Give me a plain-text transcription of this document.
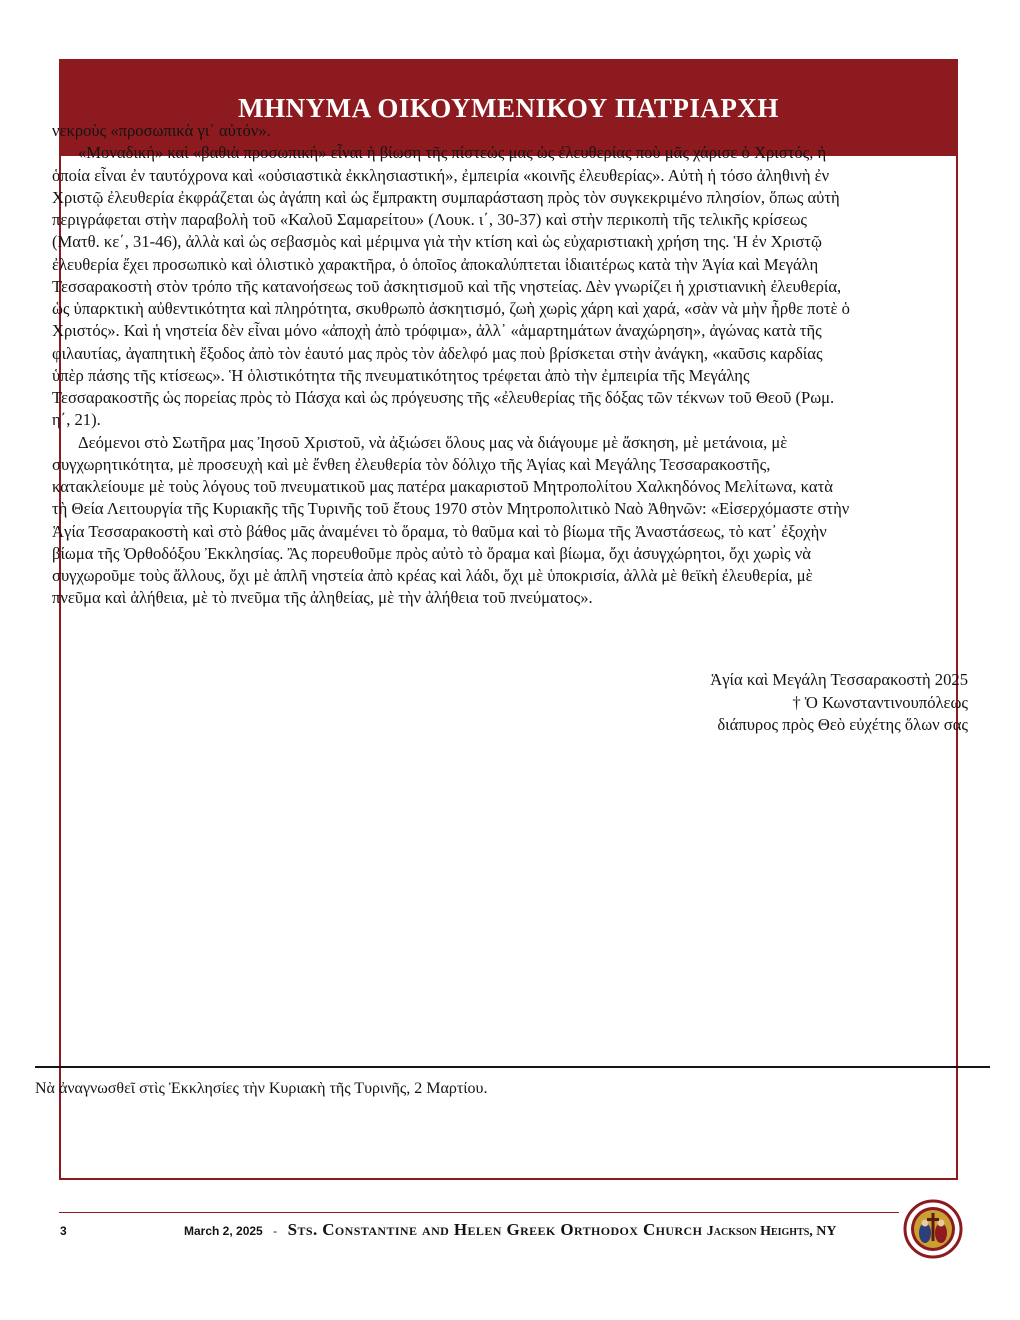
ΜΗΝΥΜΑ ΟΙΚΟΥΜΕΝΙΚΟΥ ΠΑΤΡΙΑΡΧΗ

νεκροὺς «προσωπικὰ γι᾽ αὐτόν».

«Μοναδική» καὶ «βαθιὰ προσωπική» εἶναι ἡ βίωση τῆς πίστεώς μας ὡς ἐλευθερίας ποὺ μᾶς χάρισε ὁ Χριστός, ἡ ὁποία εἶναι ἐν ταυτόχρονα καὶ «οὐσιαστικὰ ἐκκλησιαστική», ἐμπειρία «κοινῆς ἐλευθερίας». Αὐτὴ ἡ τόσο ἀληθινὴ ἐν Χριστῷ ἐλευθερία ἐκφράζεται ὡς ἀγάπη καὶ ὡς ἔμπρακτη συμπαράσταση πρὸς τὸν συγκεκριμένο πλησίον, ὅπως αὐτὴ περιγράφεται στὴν παραβολὴ τοῦ «Καλοῦ Σαμαρείτου» (Λουκ. ι΄, 30-37) καὶ στὴν περικοπὴ τῆς τελικῆς κρίσεως (Ματθ. κε΄, 31-46), ἀλλὰ καὶ ὡς σεβασμὸς καὶ μέριμνα γιὰ τὴν κτίση καὶ ὡς εὐχαριστιακὴ χρήση της. Ἡ ἐν Χριστῷ ἐλευθερία ἔχει προσωπικὸ καὶ ὁλιστικὸ χαρακτῆρα, ὁ ὁποῖος ἀποκαλύπτεται ἰδιαιτέρως κατὰ τὴν Ἁγία καὶ Μεγάλη Τεσσαρακοστὴ στὸν τρόπο τῆς κατανοήσεως τοῦ ἀσκητισμοῦ καὶ τῆς νηστείας. Δὲν γνωρίζει ἡ χριστιανικὴ ἐλευθερία, ὡς ὑπαρκτικὴ αὐθεντικότητα καὶ πληρότητα, σκυθρωπὸ ἀσκητισμό, ζωὴ χωρὶς χάρη καὶ χαρά, «σὰν νὰ μὴν ἦρθε ποτὲ ὁ Χριστός». Καὶ ἡ νηστεία δὲν εἶναι μόνο «ἀποχὴ ἀπὸ τρόφιμα», ἀλλ᾽ «ἁμαρτημάτων ἀναχώρηση», ἀγώνας κατὰ τῆς φιλαυτίας, ἀγαπητικὴ ἔξοδος ἀπὸ τὸν ἑαυτό μας πρὸς τὸν ἀδελφό μας ποὺ βρίσκεται στὴν ἀνάγκη, «καῦσις καρδίας ὑπὲρ πάσης τῆς κτίσεως». Ἡ ὁλιστικότητα τῆς πνευματικότητος τρέφεται ἀπὸ τὴν ἐμπειρία τῆς Μεγάλης Τεσσαρακοστῆς ὡς πορείας πρὸς τὸ Πάσχα καὶ ὡς πρόγευσης τῆς «ἐλευθερίας τῆς δόξας τῶν τέκνων τοῦ Θεοῦ (Ρωμ. η΄, 21).

Δεόμενοι στὸ Σωτῆρα μας Ἰησοῦ Χριστοῦ, νὰ ἀξιώσει ὅλους μας νὰ διάγουμε μὲ ἄσκηση, μὲ μετάνοια, μὲ συγχωρητικότητα, μὲ προσευχὴ καὶ μὲ ἔνθεη ἐλευθερία τὸν δόλιχο τῆς Ἁγίας καὶ Μεγάλης Τεσσαρακοστῆς, κατακλείουμε μὲ τοὺς λόγους τοῦ πνευματικοῦ μας πατέρα μακαριστοῦ Μητροπολίτου Χαλκηδόνος Μελίτωνα, κατὰ τὴ Θεία Λειτουργία τῆς Κυριακῆς τῆς Τυρινῆς τοῦ ἔτους 1970 στὸν Μητροπολιτικὸ Ναὸ Ἀθηνῶν: «Εἰσερχόμαστε στὴν Ἁγία Τεσσαρακοστὴ καὶ στὸ βάθος μᾶς ἀναμένει τὸ ὅραμα, τὸ θαῦμα καὶ τὸ βίωμα τῆς Ἀναστάσεως, τὸ κατ᾽ ἐξοχὴν βίωμα τῆς Ὀρθοδόξου Ἐκκλησίας. Ἂς πορευθοῦμε πρὸς αὐτὸ τὸ ὅραμα καὶ βίωμα, ὄχι ἀσυγχώρητοι, ὄχι χωρὶς νὰ συγχωροῦμε τοὺς ἄλλους, ὄχι μὲ ἁπλῆ νηστεία ἀπὸ κρέας καὶ λάδι, ὄχι μὲ ὑποκρισία, ἀλλὰ μὲ θεϊκὴ ἐλευθερία, μὲ πνεῦμα καὶ ἀλήθεια, μὲ τὸ πνεῦμα τῆς ἀληθείας, μὲ τὴν ἀλήθεια τοῦ πνεύματος».

Ἁγία καὶ Μεγάλη Τεσσαρακοστὴ 2025
† Ὁ Κωνσταντινουπόλεως
διάπυρος πρὸς Θεὸ εὐχέτης ὅλων σας
Νὰ ἀναγνωσθεῖ στὶς Ἐκκλησίες τὴν Κυριακὴ τῆς Τυρινῆς, 2 Μαρτίου.
3	March 2, 2025 - Sts. Constantine and Helen Greek Orthodox Church Jackson Heights, NY
